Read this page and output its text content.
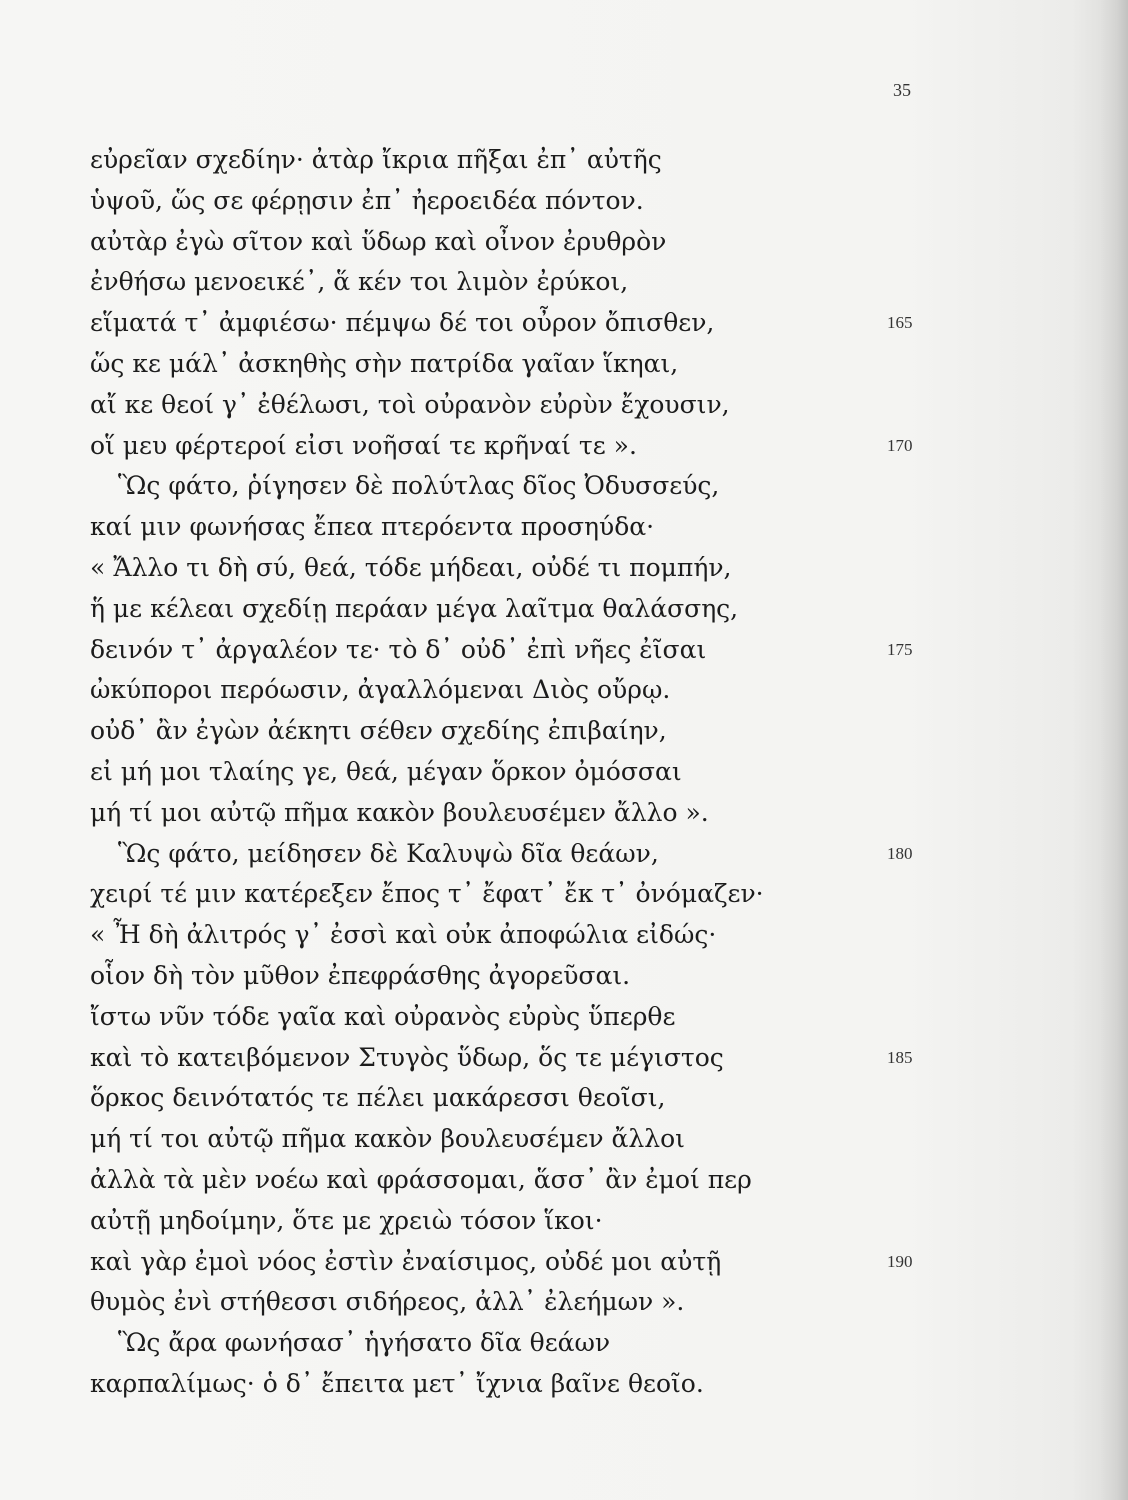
35
εὐρεῖαν σχεδίην· ἀτὰρ ἴκρια πῆξαι ἐπ᾽ αὐτῆς
ὑψοῦ, ὥς σε φέρῃσιν ἐπ᾽ ἠεροειδέα πόντον.
αὐτὰρ ἐγὼ σῖτον καὶ ὕδωρ καὶ οἶνον ἐρυθρὸν
ἐνθήσω μενοεικέ᾽, ἅ κέν τοι λιμὸν ἐρύκοι,
εἵματά τ᾽ ἀμφιέσω· πέμψω δέ τοι οὖρον ὄπισθεν,	165
ὥς κε μάλ᾽ ἀσκηθὴς σὴν πατρίδα γαῖαν ἵκηαι,
αἴ κε θεοί γ᾽ ἐθέλωσι, τοὶ οὐρανὸν εὐρὺν ἔχουσιν,
οἵ μευ φέρτεροί εἰσι νοῆσαί τε κρῆναί τε ».	170
Ὣς φάτο, ῥίγησεν δὲ πολύτλας δῖος Ὀδυσσεύς,
καί μιν φωνήσας ἔπεα πτερόεντα προσηύδα·
« Ἄλλο τι δὴ σύ, θεά, τόδε μήδεαι, οὐδέ τι πομπήν,
ἥ με κέλεαι σχεδίῃ περάαν μέγα λαῖτμα θαλάσσης,
δεινόν τ᾽ ἀργαλέον τε· τὸ δ᾽ οὐδ᾽ ἐπὶ νῆες ἐῖσαι	175
ὠκύποροι περόωσιν, ἀγαλλόμεναι Διὸς οὔρῳ.
οὐδ᾽ ἂν ἐγὼν ἀέκητι σέθεν σχεδίης ἐπιβαίην,
εἰ μή μοι τλαίης γε, θεά, μέγαν ὅρκον ὀμόσσαι
μή τί μοι αὐτῷ πῆμα κακὸν βουλευσέμεν ἄλλο ».
Ὣς φάτο, μείδησεν δὲ Καλυψὼ δῖα θεάων,	180
χειρί τέ μιν κατέρεξεν ἔπος τ᾽ ἔφατ᾽ ἔκ τ᾽ ὀνόμαζεν·
« Ἦ δὴ ἀλιτρός γ᾽ ἐσσὶ καὶ οὐκ ἀποφώλια εἰδώς·
οἷον δὴ τὸν μῦθον ἐπεφράσθης ἀγορεῦσαι.
ἴστω νῦν τόδε γαῖα καὶ οὐρανὸς εὐρὺς ὕπερθε
καὶ τὸ κατειβόμενον Στυγὸς ὕδωρ, ὅς τε μέγιστος	185
ὅρκος δεινότατός τε πέλει μακάρεσσι θεοῖσι,
μή τί τοι αὐτῷ πῆμα κακὸν βουλευσέμεν ἄλλοι
ἀλλὰ τὰ μὲν νοέω καὶ φράσσομαι, ἅσσ᾽ ἂν ἐμοί περ
αὐτῇ μηδοίμην, ὅτε με χρειὼ τόσον ἵκοι·
καὶ γὰρ ἐμοὶ νόος ἐστὶν ἐναίσιμος, οὐδέ μοι αὐτῇ	190
θυμὸς ἐνὶ στήθεσσι σιδήρεος, ἀλλ᾽ ἐλεήμων ».
Ὣς ἄρα φωνήσασ᾽ ἡγήσατο δῖα θεάων
καρπαλίμως· ὁ δ᾽ ἔπειτα μετ᾽ ἴχνια βαῖνε θεοῖο.
